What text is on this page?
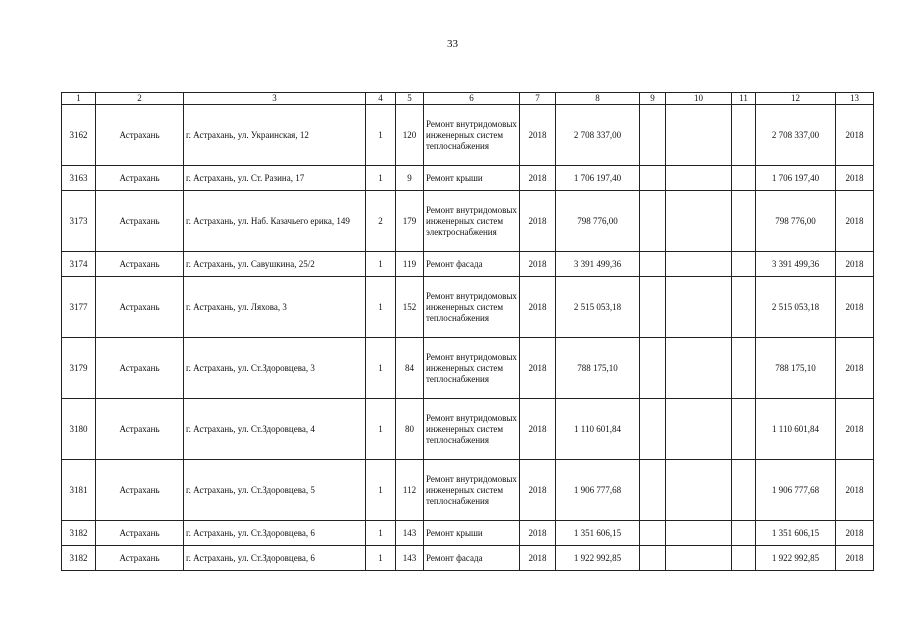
33
1	2	3	4	5	6	7	8	9	10	11	12	13
3162	Астрахань	г. Астрахань, ул. Украинская, 12	1	120	Ремонт внутридомовых инженерных систем теплоснабжения	2018	2 708 337,00				2 708 337,00	2018
3163	Астрахань	г. Астрахань, ул. Ст. Разина, 17	1	9	Ремонт крыши	2018	1 706 197,40				1 706 197,40	2018
3173	Астрахань	г. Астрахань, ул. Наб. Казачьего ерика, 149	2	179	Ремонт внутридомовых инженерных систем электроснабжения	2018	798 776,00				798 776,00	2018
3174	Астрахань	г. Астрахань, ул. Савушкина, 25/2	1	119	Ремонт фасада	2018	3 391 499,36				3 391 499,36	2018
3177	Астрахань	г. Астрахань, ул. Ляхова, 3	1	152	Ремонт внутридомовых инженерных систем теплоснабжения	2018	2 515 053,18				2 515 053,18	2018
3179	Астрахань	г. Астрахань, ул. Ст.Здоровцева, 3	1	84	Ремонт внутридомовых инженерных систем теплоснабжения	2018	788 175,10				788 175,10	2018
3180	Астрахань	г. Астрахань, ул. Ст.Здоровцева, 4	1	80	Ремонт внутридомовых инженерных систем теплоснабжения	2018	1 110 601,84				1 110 601,84	2018
3181	Астрахань	г. Астрахань, ул. Ст.Здоровцева, 5	1	112	Ремонт внутридомовых инженерных систем теплоснабжения	2018	1 906 777,68				1 906 777,68	2018
3182	Астрахань	г. Астрахань, ул. Ст.Здоровцева, 6	1	143	Ремонт крыши	2018	1 351 606,15				1 351 606,15	2018
3182	Астрахань	г. Астрахань, ул. Ст.Здоровцева, 6	1	143	Ремонт фасада	2018	1 922 992,85				1 922 992,85	2018
